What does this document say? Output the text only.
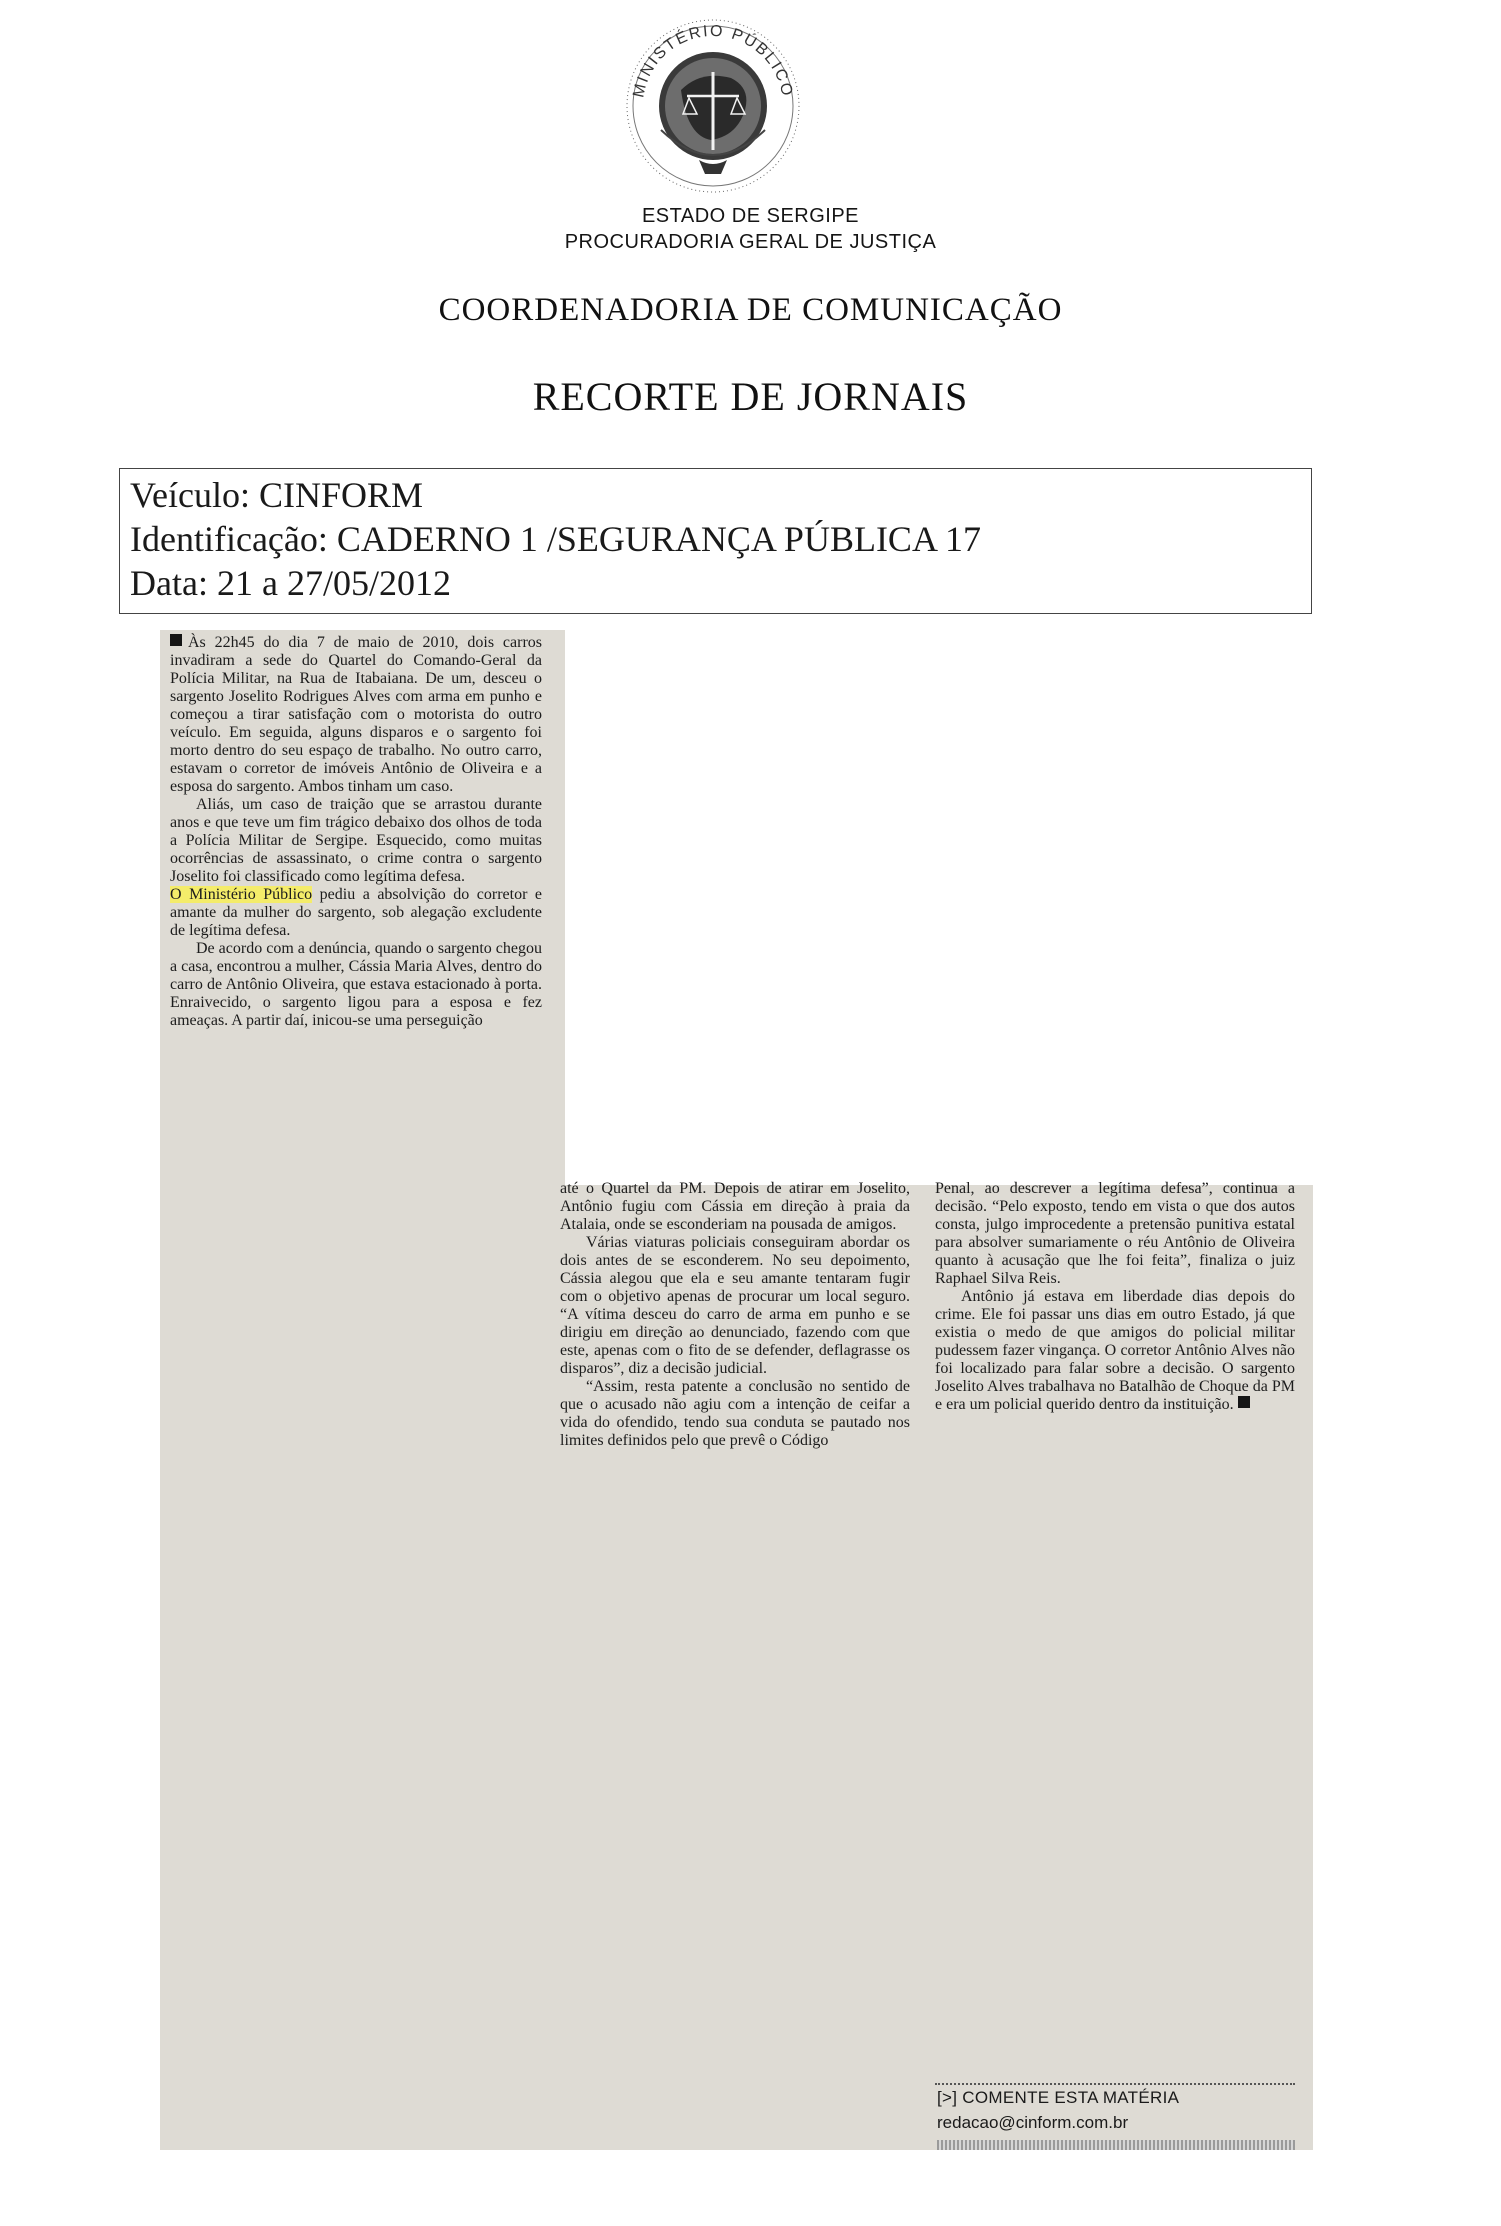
MINISTÉRIO PÚBLICO
ESTADO DE SERGIPE
PROCURADORIA GERAL DE JUSTIÇA
COORDENADORIA DE COMUNICAÇÃO
RECORTE DE JORNAIS
Veículo: CINFORM
Identificação: CADERNO 1 /SEGURANÇA PÚBLICA 17
Data: 21 a 27/05/2012

Às 22h45 do dia 7 de maio de 2010, dois carros invadiram a sede do Quartel do Comando-Geral da Polícia Militar, na Rua de Itabaiana. De um, desceu o sargento Joselito Rodrigues Alves com arma em punho e começou a tirar satisfação com o motorista do outro veículo. Em seguida, alguns disparos e o sargento foi morto dentro do seu espaço de trabalho. No outro carro, estavam o corretor de imóveis Antônio de Oliveira e a esposa do sargento. Ambos tinham um caso.

Aliás, um caso de traição que se arrastou durante anos e que teve um fim trágico debaixo dos olhos de toda a Polícia Militar de Sergipe. Esquecido, como muitas ocorrências de assassinato, o crime contra o sargento Joselito foi classificado como legítima defesa.

O Ministério Público pediu a absolvição do corretor e amante da mulher do sargento, sob alegação excludente de legítima defesa.

De acordo com a denúncia, quando o sargento chegou a casa, encontrou a mulher, Cássia Maria Alves, dentro do carro de Antônio Oliveira, que estava estacionado à porta. Enraivecido, o sargento ligou para a esposa e fez ameaças. A partir daí, inicou-se uma perseguição

até o Quartel da PM. Depois de atirar em Joselito, Antônio fugiu com Cássia em direção à praia da Atalaia, onde se esconderiam na pousada de amigos.

Várias viaturas policiais conseguiram abordar os dois antes de se esconderem. No seu depoimento, Cássia alegou que ela e seu amante tentaram fugir com o objetivo apenas de procurar um local seguro. “A vítima desceu do carro de arma em punho e se dirigiu em direção ao denunciado, fazendo com que este, apenas com o fito de se defender, deflagrasse os disparos”, diz a decisão judicial.

“Assim, resta patente a conclusão no sentido de que o acusado não agiu com a intenção de ceifar a vida do ofendido, tendo sua conduta se pautado nos limites definidos pelo que prevê o Código

Penal, ao descrever a legítima defesa”, continua a decisão. “Pelo exposto, tendo em vista o que dos autos consta, julgo improcedente a pretensão punitiva estatal para absolver sumariamente o réu Antônio de Oliveira quanto à acusação que lhe foi feita”, finaliza o juiz Raphael Silva Reis.

Antônio já estava em liberdade dias depois do crime. Ele foi passar uns dias em outro Estado, já que existia o medo de que amigos do policial militar pudessem fazer vingança. O corretor Antônio Alves não foi localizado para falar sobre a decisão. O sargento Joselito Alves trabalhava no Batalhão de Choque da PM e era um policial querido dentro da instituição.

[>] COMENTE ESTA MATÉRIA
redacao@cinform.com.br
